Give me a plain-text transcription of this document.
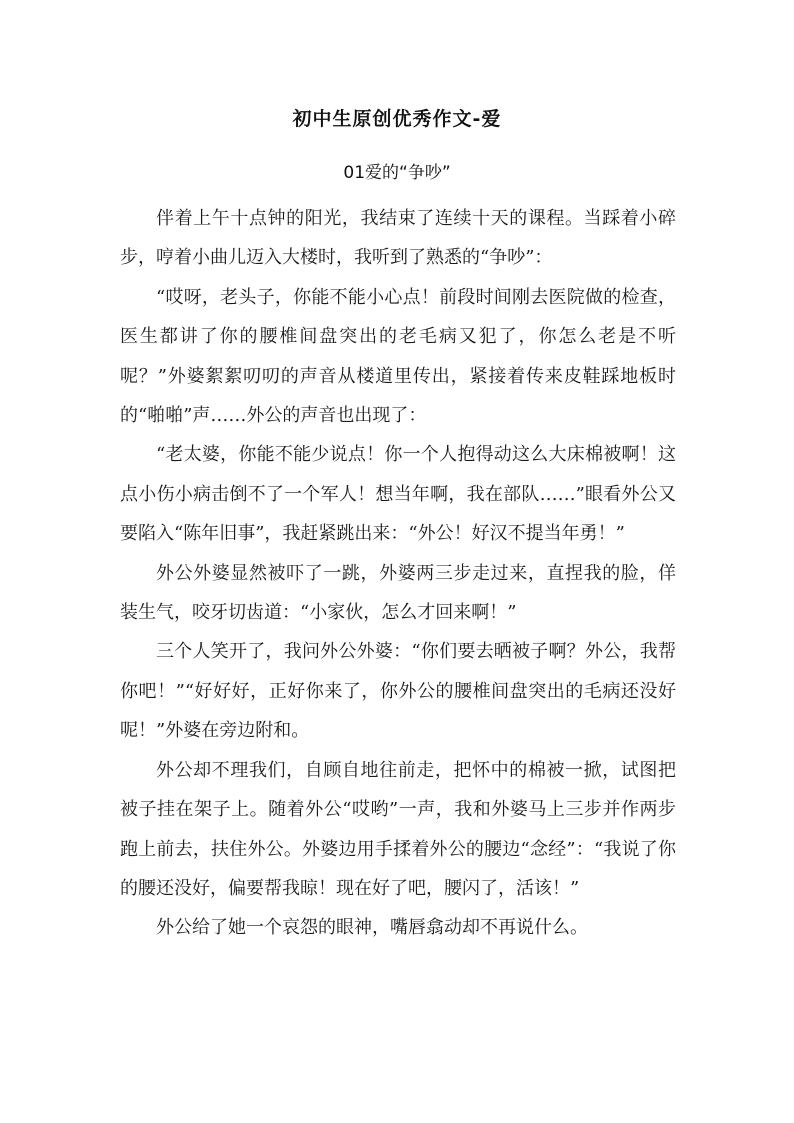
初中生原创优秀作文-爱
01爱的“争吵”

伴着上午十点钟的阳光，我结束了连续十天的课程。当踩着小碎步，哼着小曲儿迈入大楼时，我听到了熟悉的“争吵”：

“哎呀，老头子，你能不能小心点！前段时间刚去医院做的检查，医生都讲了你的腰椎间盘突出的老毛病又犯了，你怎么老是不听呢？”外婆絮絮叨叨的声音从楼道里传出，紧接着传来皮鞋踩地板时的“啪啪”声……外公的声音也出现了：

“老太婆，你能不能少说点！你一个人抱得动这么大床棉被啊！这点小伤小病击倒不了一个军人！想当年啊，我在部队……”眼看外公又要陷入“陈年旧事”，我赶紧跳出来：“外公！好汉不提当年勇！”

外公外婆显然被吓了一跳，外婆两三步走过来，直捏我的脸，佯装生气，咬牙切齿道：“小家伙，怎么才回来啊！”

三个人笑开了，我问外公外婆：“你们要去晒被子啊？外公，我帮你吧！”“好好好，正好你来了，你外公的腰椎间盘突出的毛病还没好呢！”外婆在旁边附和。

外公却不理我们，自顾自地往前走，把怀中的棉被一掀，试图把被子挂在架子上。随着外公“哎哟”一声，我和外婆马上三步并作两步跑上前去，扶住外公。外婆边用手揉着外公的腰边“念经”：“我说了你的腰还没好，偏要帮我晾！现在好了吧，腰闪了，活该！”

外公给了她一个哀怨的眼神，嘴唇翕动却不再说什么。
